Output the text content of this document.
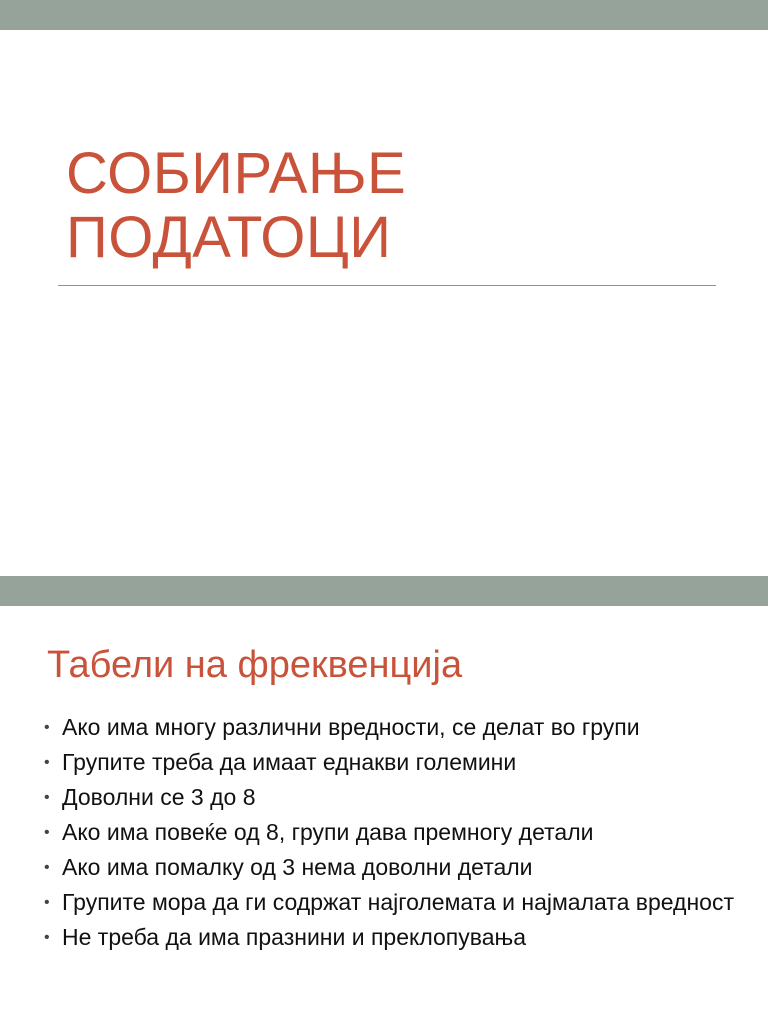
СОБИРАЊЕ
ПОДАТОЦИ
Табели на фреквенција
• Ако има многу различни вредности, се делат во групи
• Групите треба да имаат еднакви големини
• Доволни се 3 до 8
• Ако има повеќе од 8, групи дава премногу детали
• Ако има помалку од 3 нема доволни детали
• Групите мора да ги содржат најголемата и најмалата вредност
• Не треба да има празнини и преклопувања
